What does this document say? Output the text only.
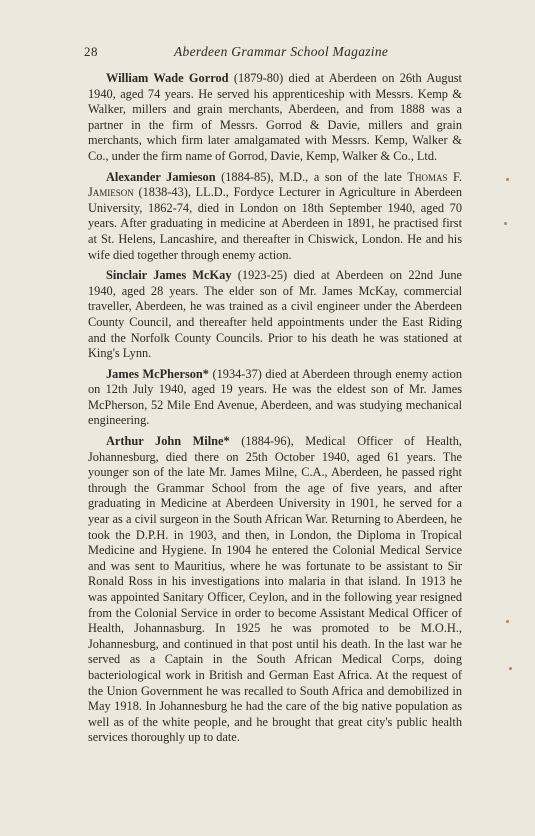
28	Aberdeen Grammar School Magazine

William Wade Gorrod (1879-80) died at Aberdeen on 26th August 1940, aged 74 years. He served his apprenticeship with Messrs. Kemp & Walker, millers and grain merchants, Aberdeen, and from 1888 was a partner in the firm of Messrs. Gorrod & Davie, millers and grain merchants, which firm later amalgamated with Messrs. Kemp, Walker & Co., under the firm name of Gorrod, Davie, Kemp, Walker & Co., Ltd.

Alexander Jamieson (1884-85), M.D., a son of the late Thomas F. Jamieson (1838-43), LL.D., Fordyce Lecturer in Agriculture in Aberdeen University, 1862-74, died in London on 18th September 1940, aged 70 years. After graduating in medicine at Aberdeen in 1891, he practised first at St. Helens, Lancashire, and thereafter in Chiswick, London. He and his wife died together through enemy action.

Sinclair James McKay (1923-25) died at Aberdeen on 22nd June 1940, aged 28 years. The elder son of Mr. James McKay, commercial traveller, Aberdeen, he was trained as a civil engineer under the Aberdeen County Council, and thereafter held appointments under the East Riding and the Norfolk County Councils. Prior to his death he was stationed at King's Lynn.

James McPherson* (1934-37) died at Aberdeen through enemy action on 12th July 1940, aged 19 years. He was the eldest son of Mr. James McPherson, 52 Mile End Avenue, Aberdeen, and was studying mechanical engineering.

Arthur John Milne* (1884-96), Medical Officer of Health, Johannesburg, died there on 25th October 1940, aged 61 years. The younger son of the late Mr. James Milne, C.A., Aberdeen, he passed right through the Grammar School from the age of five years, and after graduating in Medicine at Aberdeen University in 1901, he served for a year as a civil surgeon in the South African War. Returning to Aberdeen, he took the D.P.H. in 1903, and then, in London, the Diploma in Tropical Medicine and Hygiene. In 1904 he entered the Colonial Medical Service and was sent to Mauritius, where he was fortunate to be assistant to Sir Ronald Ross in his investigations into malaria in that island. In 1913 he was appointed Sanitary Officer, Ceylon, and in the following year resigned from the Colonial Service in order to become Assistant Medical Officer of Health, Johannasburg. In 1925 he was promoted to be M.O.H., Johannesburg, and continued in that post until his death. In the last war he served as a Captain in the South African Medical Corps, doing bacteriological work in British and German East Africa. At the request of the Union Government he was recalled to South Africa and demobilized in May 1918. In Johannesburg he had the care of the big native population as well as of the white people, and he brought that great city's public health services thoroughly up to date.
